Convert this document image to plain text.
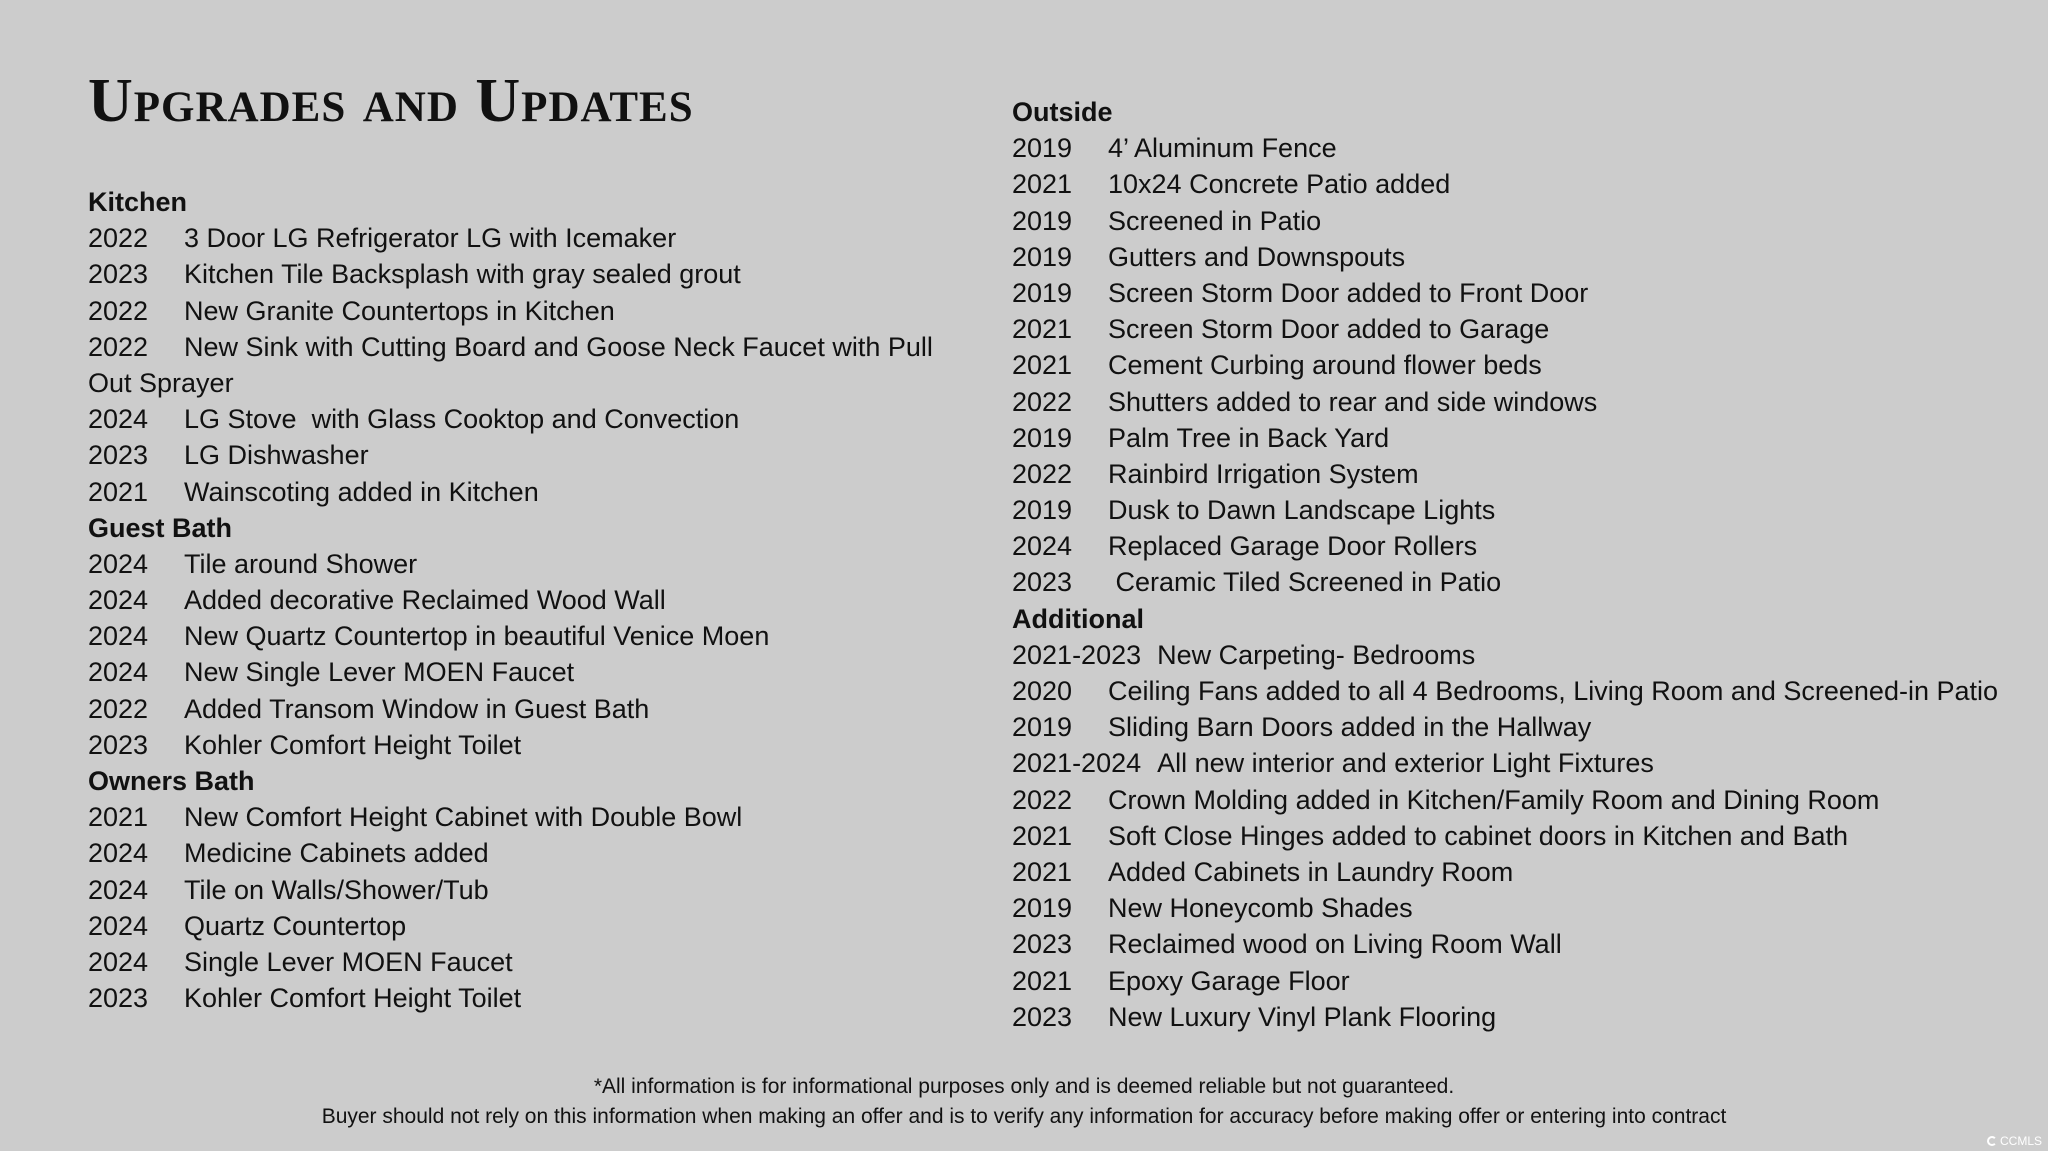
Upgrades and Updates
Kitchen
2022	3 Door LG Refrigerator LG with Icemaker
2023	Kitchen Tile Backsplash with gray sealed grout
2022	New Granite Countertops in Kitchen
2022	New Sink with Cutting Board and Goose Neck Faucet with Pull
Out Sprayer
2024	LG Stove  with Glass Cooktop and Convection
2023	LG Dishwasher
2021	Wainscoting added in Kitchen
Guest Bath
2024	Tile around Shower
2024	Added decorative Reclaimed Wood Wall
2024	New Quartz Countertop in beautiful Venice Moen
2024	New Single Lever MOEN Faucet
2022	Added Transom Window in Guest Bath
2023	Kohler Comfort Height Toilet
Owners Bath
2021	New Comfort Height Cabinet with Double Bowl
2024	Medicine Cabinets added
2024	Tile on Walls/Shower/Tub
2024	Quartz Countertop
2024	Single Lever MOEN Faucet
2023	Kohler Comfort Height Toilet
Outside
2019	4’ Aluminum Fence
2021	10x24 Concrete Patio added
2019	Screened in Patio
2019	Gutters and Downspouts
2019	Screen Storm Door added to Front Door
2021	Screen Storm Door added to Garage
2021	Cement Curbing around flower beds
2022	Shutters added to rear and side windows
2019	Palm Tree in Back Yard
2022	Rainbird Irrigation System
2019	Dusk to Dawn Landscape Lights
2024	Replaced Garage Door Rollers
2023	Ceramic Tiled Screened in Patio
Additional
2021-2023 New Carpeting- Bedrooms
2020	Ceiling Fans added to all 4 Bedrooms, Living Room and Screened-in Patio
2019	Sliding Barn Doors added in the Hallway
2021-2024 All new interior and exterior Light Fixtures
2022	Crown Molding added in Kitchen/Family Room and Dining Room
2021	Soft Close Hinges added to cabinet doors in Kitchen and Bath
2021	Added Cabinets in Laundry Room
2019	New Honeycomb Shades
2023	Reclaimed wood on Living Room Wall
2021	Epoxy Garage Floor
2023	New Luxury Vinyl Plank Flooring
*All information is for informational purposes only and is deemed reliable but not guaranteed.
Buyer should not rely on this information when making an offer and is to verify any information for accuracy before making offer or entering into contract
CCMLS
